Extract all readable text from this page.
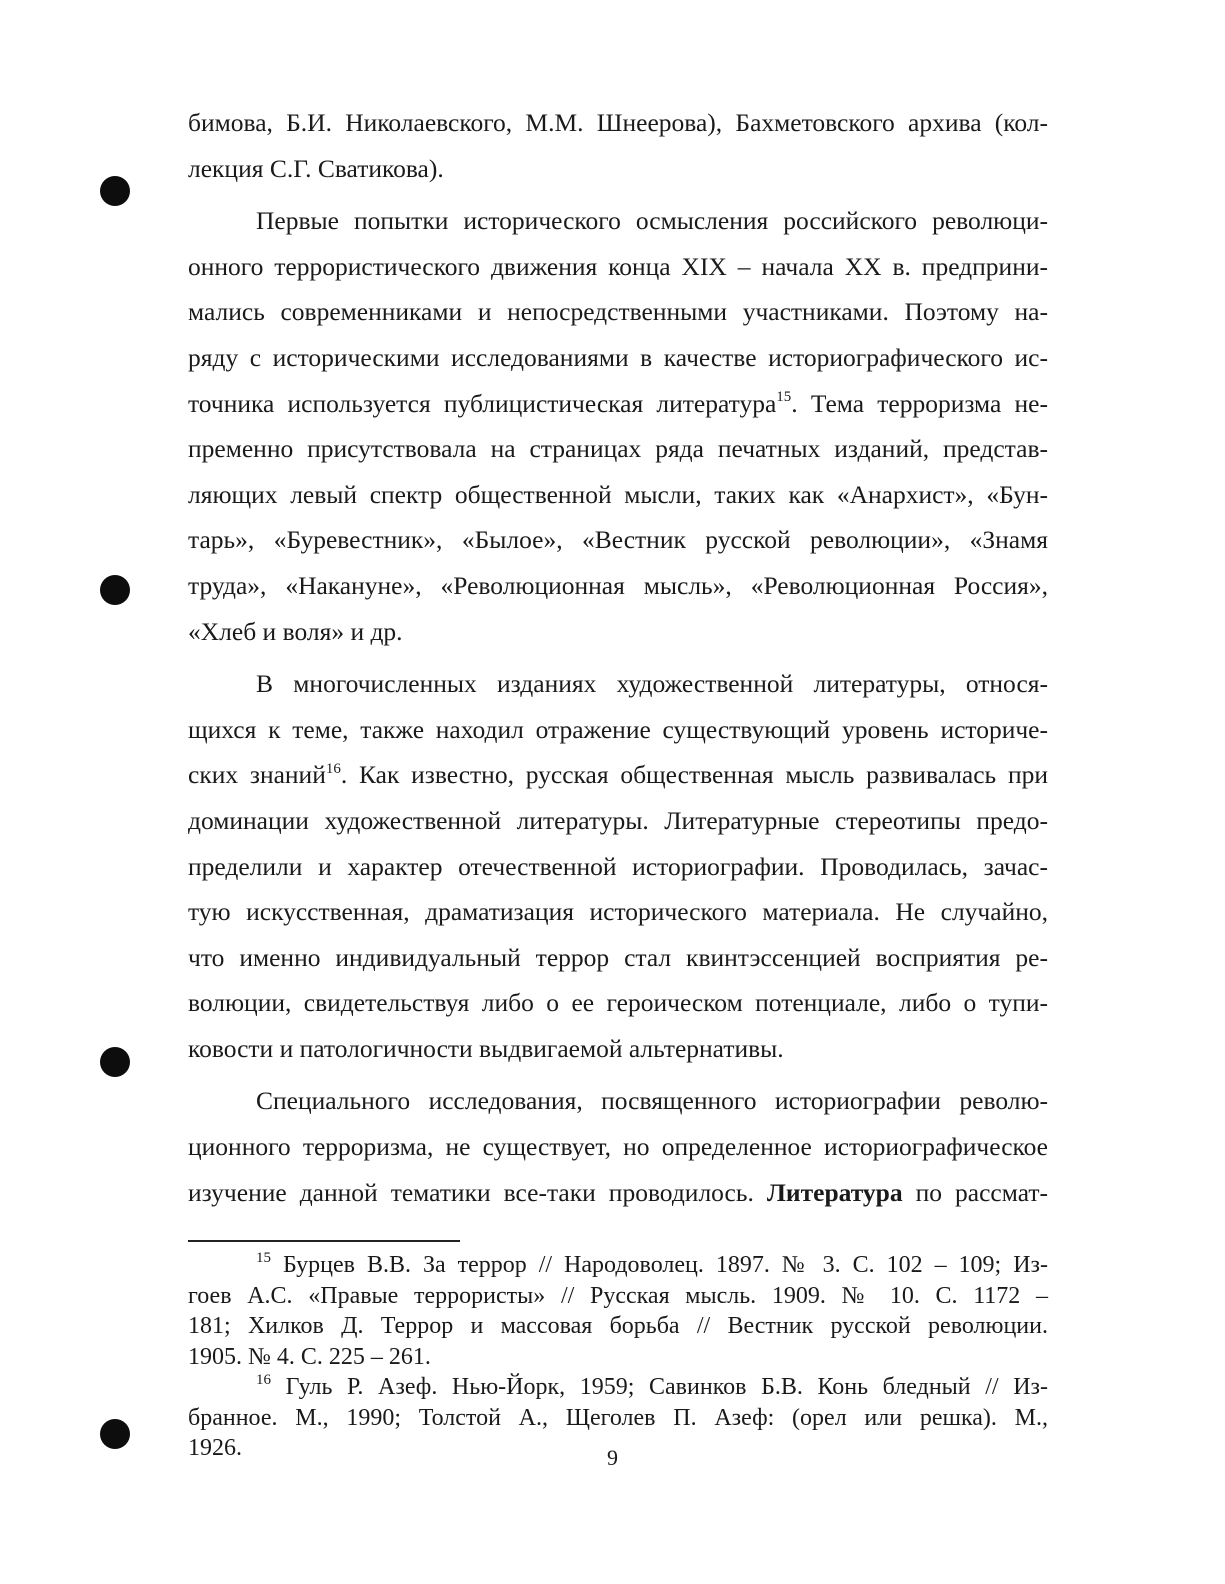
бимова, Б.И. Николаевского, М.М. Шнеерова), Бахметовского архива (кол-
лекция С.Г. Сватикова).
Первые попытки исторического осмысления российского революци-
онного террористического движения конца XIX – начала XX в. предприни-
мались современниками и непосредственными участниками. Поэтому на-
ряду с историческими исследованиями в качестве историографического ис-
точника используется публицистическая литература$^{15}$. Тема терроризма не-
пременно присутствовала на страницах ряда печатных изданий, представ-
ляющих левый спектр общественной мысли, таких как «Анархист», «Бун-
тарь», «Буревестник», «Былое», «Вестник русской революции», «Знамя
труда», «Накануне», «Революционная мысль», «Революционная Россия»,
«Хлеб и воля» и др.
В многочисленных изданиях художественной литературы, относя-
щихся к теме, также находил отражение существующий уровень историче-
ских знаний$^{16}$. Как известно, русская общественная мысль развивалась при
доминации художественной литературы. Литературные стереотипы предо-
пределили и характер отечественной историографии. Проводилась, зачас-
тую искусственная, драматизация исторического материала. Не случайно,
что именно индивидуальный террор стал квинтэссенцией восприятия ре-
волюции, свидетельствуя либо о ее героическом потенциале, либо о тупи-
ковости и патологичности выдвигаемой альтернативы.
Специального исследования, посвященного историографии револю-
ционного терроризма, не существует, но определенное историографическое
изучение данной тематики все-таки проводилось. Литература по рассмат-
$^{15}$ Бурцев В.В. За террор // Народоволец. 1897. № 3. С. 102 – 109; Из-
гоев А.С. «Правые террористы» // Русская мысль. 1909. № 10. С. 1172 –
181; Хилков Д. Террор и массовая борьба // Вестник русской революции.
1905. № 4. С. 225 – 261.
$^{16}$ Гуль Р. Азеф. Нью-Йорк, 1959; Савинков Б.В. Конь бледный // Из-
бранное. М., 1990; Толстой А., Щеголев П. Азеф: (орел или решка). М.,
1926.	9
